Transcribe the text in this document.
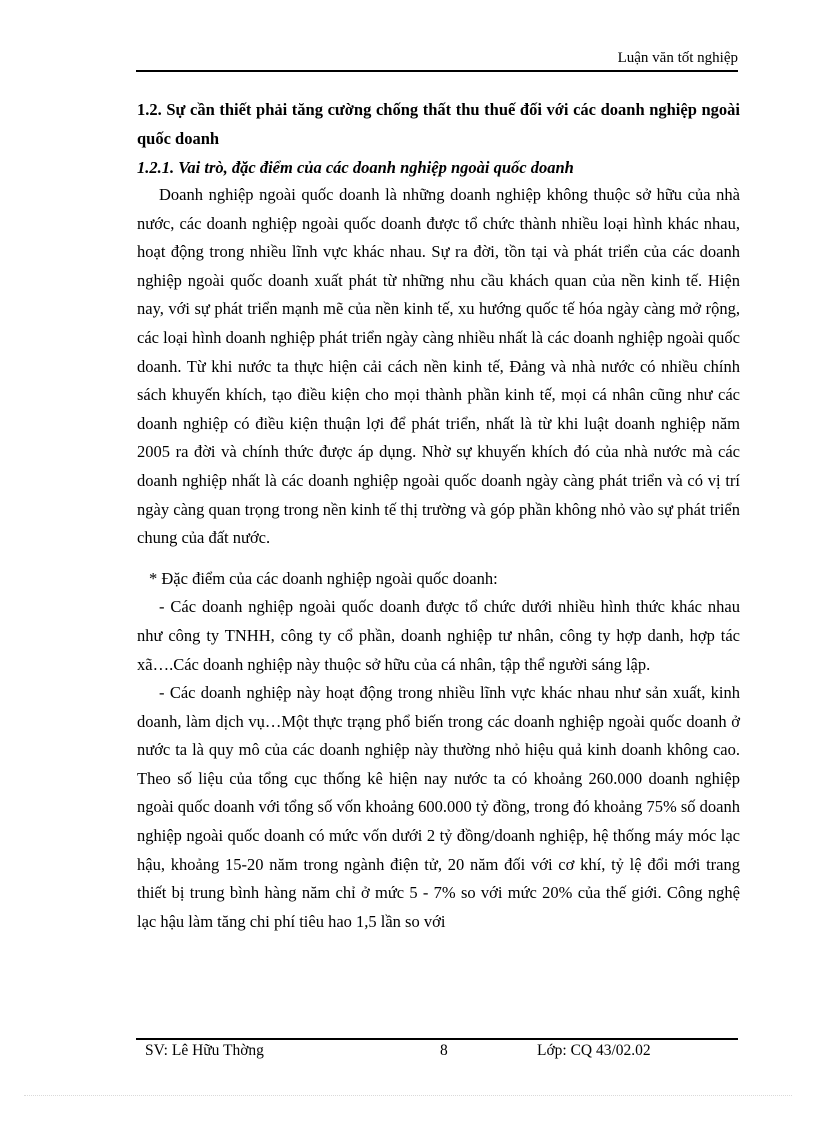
Luận văn tốt nghiệp
1.2. Sự cần thiết phải tăng cường chống thất thu thuế đối với các doanh nghiệp ngoài quốc doanh
1.2.1. Vai trò, đặc điểm của các doanh nghiệp ngoài quốc doanh

Doanh nghiệp ngoài quốc doanh là những doanh nghiệp không thuộc sở hữu của nhà nước, các doanh nghiệp ngoài quốc doanh được tổ chức thành nhiều loại hình khác nhau, hoạt động trong nhiều lĩnh vực khác nhau. Sự ra đời, tồn tại và phát triển của các doanh nghiệp ngoài quốc doanh xuất phát từ những nhu cầu khách quan của nền kinh tế. Hiện nay, với sự phát triển mạnh mẽ của nền kinh tế, xu hướng quốc tế hóa ngày càng mở rộng, các loại hình doanh nghiệp phát triển ngày càng nhiều nhất là các doanh nghiệp ngoài quốc doanh. Từ khi nước ta thực hiện cải cách nền kinh tế, Đảng và nhà nước có nhiều chính sách khuyến khích, tạo điều kiện cho mọi thành phần kinh tế, mọi cá nhân cũng như các doanh nghiệp có điều kiện thuận lợi để phát triển, nhất là từ khi luật doanh nghiệp năm 2005 ra đời và chính thức được áp dụng. Nhờ sự khuyến khích đó của nhà nước mà các doanh nghiệp nhất là các doanh nghiệp ngoài quốc doanh ngày càng phát triển và có vị trí ngày càng quan trọng trong nền kinh tế thị trường và góp phần không nhỏ vào sự phát triển chung của đất nước.

* Đặc điểm của các doanh nghiệp ngoài quốc doanh:

- Các doanh nghiệp ngoài quốc doanh được tổ chức dưới nhiều hình thức khác nhau như công ty TNHH, công ty cổ phần, doanh nghiệp tư nhân, công ty hợp danh, hợp tác xã….Các doanh nghiệp này thuộc sở hữu của cá nhân, tập thể người sáng lập.

- Các doanh nghiệp này hoạt động trong nhiều lĩnh vực khác nhau như sản xuất, kinh doanh, làm dịch vụ…Một thực trạng phổ biến trong các doanh nghiệp ngoài quốc doanh ở nước ta là quy mô của các doanh nghiệp này thường nhỏ hiệu quả kinh doanh không cao. Theo số liệu của tổng cục thống kê hiện nay nước ta có khoảng 260.000 doanh nghiệp ngoài quốc doanh với tổng số vốn khoảng 600.000 tỷ đồng, trong đó khoảng 75% số doanh nghiệp ngoài quốc doanh có mức vốn dưới 2 tỷ đồng/doanh nghiệp, hệ thống máy móc lạc hậu, khoảng 15-20 năm trong ngành điện tử, 20 năm đối với cơ khí, tỷ lệ đổi mới trang thiết bị trung bình hàng năm chỉ ở mức 5 - 7% so với mức 20% của thế giới. Công nghệ lạc hậu làm tăng chi phí tiêu hao 1,5 lần so với

SV: Lê Hữu Thờng	8	Lớp: CQ 43/02.02
